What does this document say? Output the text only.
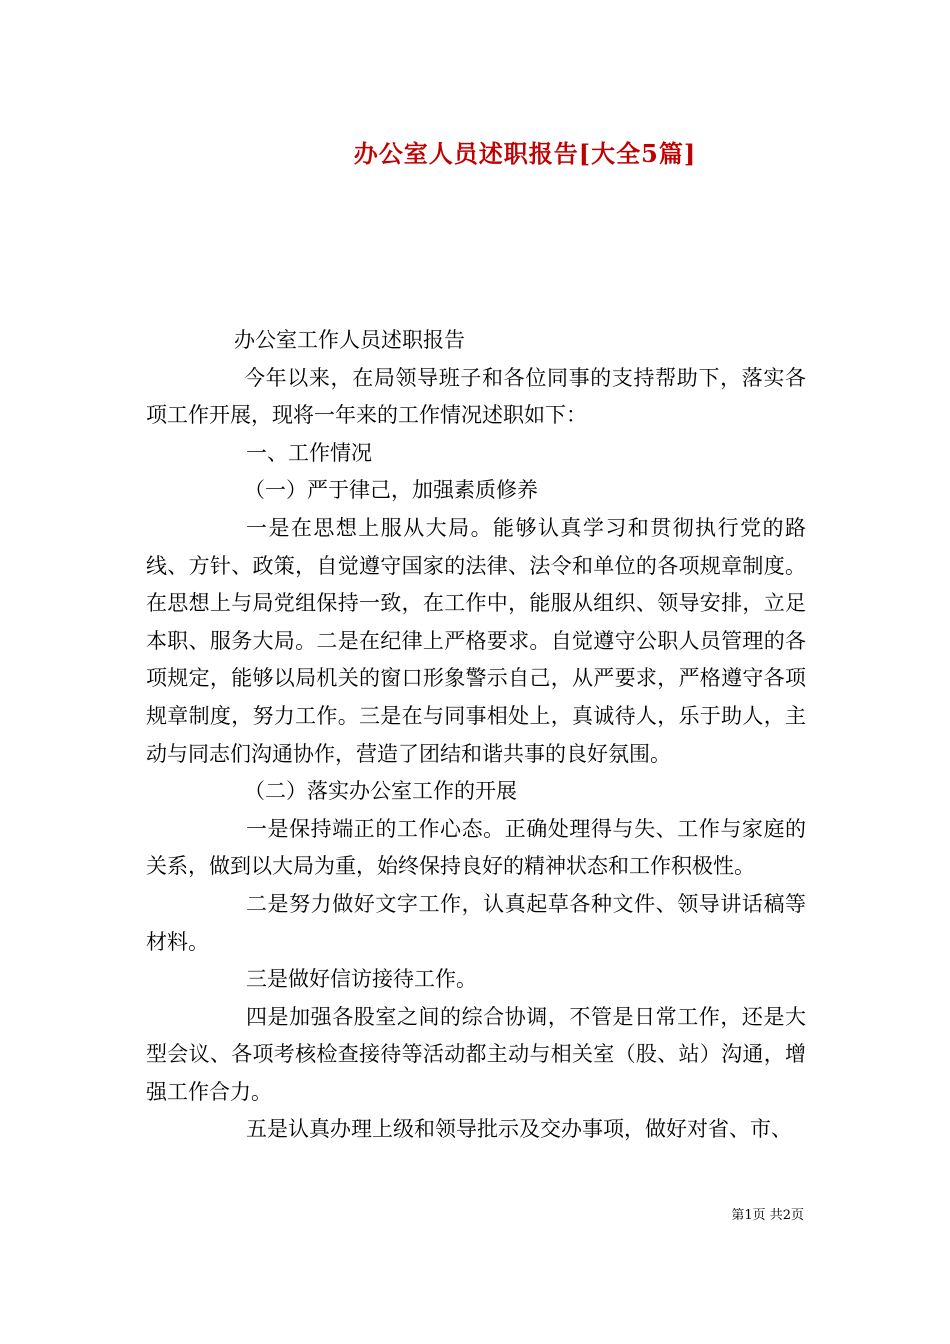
办公室人员述职报告[大全5篇]

办公室工作人员述职报告

今年以来，在局领导班子和各位同事的支持帮助下，落实各项工作开展，现将一年来的工作情况述职如下：

一、工作情况

（一）严于律己，加强素质修养

一是在思想上服从大局。能够认真学习和贯彻执行党的路线、方针、政策，自觉遵守国家的法律、法令和单位的各项规章制度。在思想上与局党组保持一致，在工作中，能服从组织、领导安排，立足本职、服务大局。二是在纪律上严格要求。自觉遵守公职人员管理的各项规定，能够以局机关的窗口形象警示自己，从严要求，严格遵守各项规章制度，努力工作。三是在与同事相处上，真诚待人，乐于助人，主动与同志们沟通协作，营造了团结和谐共事的良好氛围。

（二）落实办公室工作的开展

一是保持端正的工作心态。正确处理得与失、工作与家庭的关系，做到以大局为重，始终保持良好的精神状态和工作积极性。

二是努力做好文字工作，认真起草各种文件、领导讲话稿等材料。

三是做好信访接待工作。

四是加强各股室之间的综合协调，不管是日常工作，还是大型会议、各项考核检查接待等活动都主动与相关室（股、站）沟通，增强工作合力。

五是认真办理上级和领导批示及交办事项，做好对省、市、

第1页 共2页
